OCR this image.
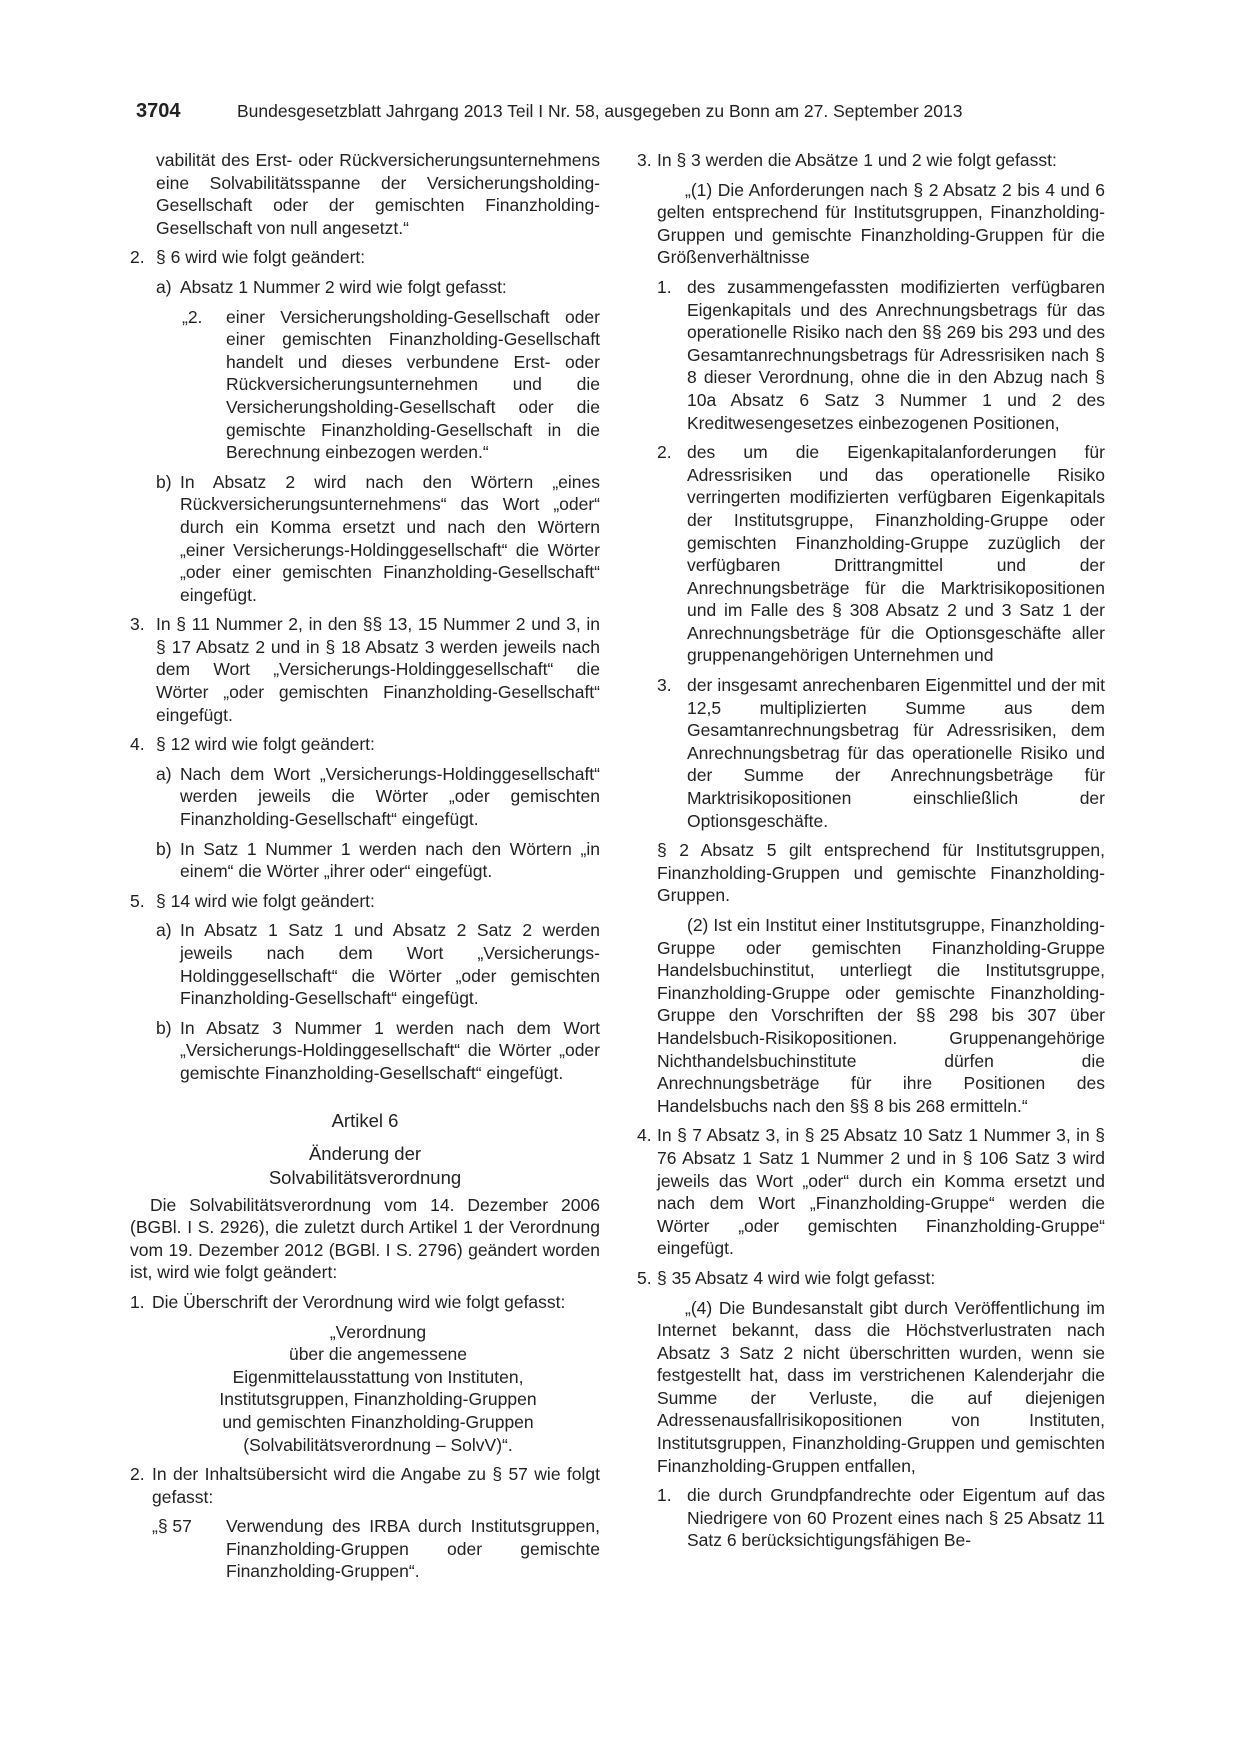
3704	Bundesgesetzblatt Jahrgang 2013 Teil I Nr. 58, ausgegeben zu Bonn am 27. September 2013

vabilität des Erst- oder Rückversicherungsunternehmens eine Solvabilitätsspanne der Versicherungsholding-Gesellschaft oder der gemischten Finanzholding-Gesellschaft von null angesetzt.“

2. § 6 wird wie folgt geändert:

a) Absatz 1 Nummer 2 wird wie folgt gefasst:

„2. einer Versicherungsholding-Gesellschaft oder einer gemischten Finanzholding-Gesellschaft handelt und dieses verbundene Erst- oder Rückversicherungsunternehmen und die Versicherungsholding-Gesellschaft oder die gemischte Finanzholding-Gesellschaft in die Berechnung einbezogen werden.“

b) In Absatz 2 wird nach den Wörtern „eines Rückversicherungsunternehmens“ das Wort „oder“ durch ein Komma ersetzt und nach den Wörtern „einer Versicherungs-Holdinggesellschaft“ die Wörter „oder einer gemischten Finanzholding-Gesellschaft“ eingefügt.

3. In § 11 Nummer 2, in den §§ 13, 15 Nummer 2 und 3, in § 17 Absatz 2 und in § 18 Absatz 3 werden jeweils nach dem Wort „Versicherungs-Holdinggesellschaft“ die Wörter „oder gemischten Finanzholding-Gesellschaft“ eingefügt.

4. § 12 wird wie folgt geändert:

a) Nach dem Wort „Versicherungs-Holdinggesellschaft“ werden jeweils die Wörter „oder gemischten Finanzholding-Gesellschaft“ eingefügt.

b) In Satz 1 Nummer 1 werden nach den Wörtern „in einem“ die Wörter „ihrer oder“ eingefügt.

5. § 14 wird wie folgt geändert:

a) In Absatz 1 Satz 1 und Absatz 2 Satz 2 werden jeweils nach dem Wort „Versicherungs-Holdinggesellschaft“ die Wörter „oder gemischten Finanzholding-Gesellschaft“ eingefügt.

b) In Absatz 3 Nummer 1 werden nach dem Wort „Versicherungs-Holdinggesellschaft“ die Wörter „oder gemischte Finanzholding-Gesellschaft“ eingefügt.

Artikel 6
Änderung der
Solvabilitätsverordnung

Die Solvabilitätsverordnung vom 14. Dezember 2006 (BGBl. I S. 2926), die zuletzt durch Artikel 1 der Verordnung vom 19. Dezember 2012 (BGBl. I S. 2796) geändert worden ist, wird wie folgt geändert:

1. Die Überschrift der Verordnung wird wie folgt gefasst:

„Verordnung
über die angemessene
Eigenmittelausstattung von Instituten,
Institutsgruppen, Finanzholding-Gruppen
und gemischten Finanzholding-Gruppen
(Solvabilitätsverordnung – SolvV)“.
2. In der Inhaltsübersicht wird die Angabe zu § 57 wie folgt gefasst:

„§ 57 Verwendung des IRBA durch Institutsgruppen, Finanzholding-Gruppen oder gemischte Finanzholding-Gruppen“.

3. In § 3 werden die Absätze 1 und 2 wie folgt gefasst:

„(1) Die Anforderungen nach § 2 Absatz 2 bis 4 und 6 gelten entsprechend für Institutsgruppen, Finanzholding-Gruppen und gemischte Finanzholding-Gruppen für die Größenverhältnisse

1. des zusammengefassten modifizierten verfügbaren Eigenkapitals und des Anrechnungsbetrags für das operationelle Risiko nach den §§ 269 bis 293 und des Gesamtanrechnungsbetrags für Adressrisiken nach § 8 dieser Verordnung, ohne die in den Abzug nach § 10a Absatz 6 Satz 3 Nummer 1 und 2 des Kreditwesengesetzes einbezogenen Positionen,

2. des um die Eigenkapitalanforderungen für Adressrisiken und das operationelle Risiko verringerten modifizierten verfügbaren Eigenkapitals der Institutsgruppe, Finanzholding-Gruppe oder gemischten Finanzholding-Gruppe zuzüglich der verfügbaren Drittrangmittel und der Anrechnungsbeträge für die Marktrisikopositionen und im Falle des § 308 Absatz 2 und 3 Satz 1 der Anrechnungsbeträge für die Optionsgeschäfte aller gruppenangehörigen Unternehmen und

3. der insgesamt anrechenbaren Eigenmittel und der mit 12,5 multiplizierten Summe aus dem Gesamtanrechnungsbetrag für Adressrisiken, dem Anrechnungsbetrag für das operationelle Risiko und der Summe der Anrechnungsbeträge für Marktrisikopositionen einschließlich der Optionsgeschäfte.

§ 2 Absatz 5 gilt entsprechend für Institutsgruppen, Finanzholding-Gruppen und gemischte Finanzholding-Gruppen.

(2) Ist ein Institut einer Institutsgruppe, Finanzholding-Gruppe oder gemischten Finanzholding-Gruppe Handelsbuchinstitut, unterliegt die Institutsgruppe, Finanzholding-Gruppe oder gemischte Finanzholding-Gruppe den Vorschriften der §§ 298 bis 307 über Handelsbuch-Risikopositionen. Gruppenangehörige Nichthandelsbuchinstitute dürfen die Anrechnungsbeträge für ihre Positionen des Handelsbuchs nach den §§ 8 bis 268 ermitteln.“

4. In § 7 Absatz 3, in § 25 Absatz 10 Satz 1 Nummer 3, in § 76 Absatz 1 Satz 1 Nummer 2 und in § 106 Satz 3 wird jeweils das Wort „oder“ durch ein Komma ersetzt und nach dem Wort „Finanzholding-Gruppe“ werden die Wörter „oder gemischten Finanzholding-Gruppe“ eingefügt.

5. § 35 Absatz 4 wird wie folgt gefasst:

„(4) Die Bundesanstalt gibt durch Veröffentlichung im Internet bekannt, dass die Höchstverlustraten nach Absatz 3 Satz 2 nicht überschritten wurden, wenn sie festgestellt hat, dass im verstrichenen Kalenderjahr die Summe der Verluste, die auf diejenigen Adressenausfallrisikopositionen von Instituten, Institutsgruppen, Finanzholding-Gruppen und gemischten Finanzholding-Gruppen entfallen,

1. die durch Grundpfandrechte oder Eigentum auf das Niedrigere von 60 Prozent eines nach § 25 Absatz 11 Satz 6 berücksichtigungsfähigen Be-
